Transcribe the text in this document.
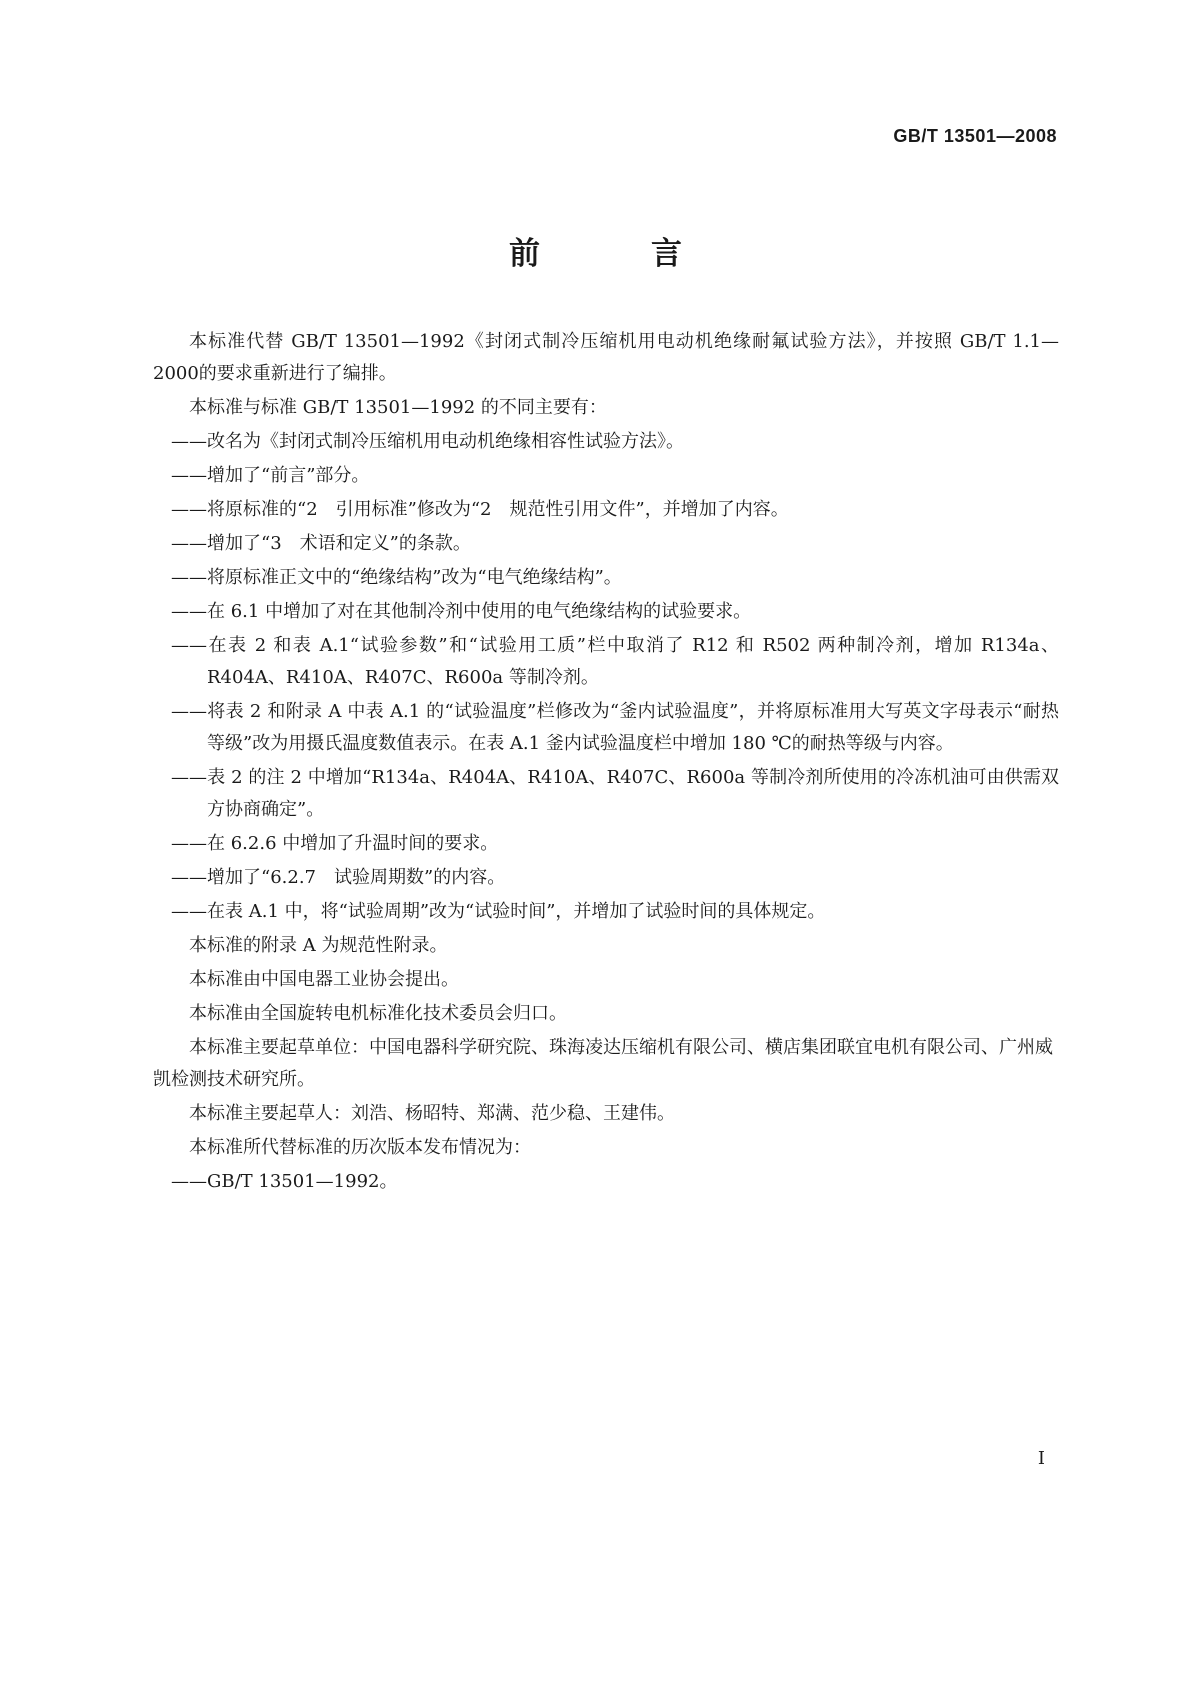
GB/T 13501—2008
前　言

本标准代替 GB/T 13501—1992《封闭式制冷压缩机用电动机绝缘耐氟试验方法》，并按照 GB/T 1.1—2000的要求重新进行了编排。

本标准与标准 GB/T 13501—1992 的不同主要有：

——改名为《封闭式制冷压缩机用电动机绝缘相容性试验方法》。

——增加了“前言”部分。

——将原标准的“2　引用标准”修改为“2　规范性引用文件”，并增加了内容。

——增加了“3　术语和定义”的条款。

——将原标准正文中的“绝缘结构”改为“电气绝缘结构”。

——在 6.1 中增加了对在其他制冷剂中使用的电气绝缘结构的试验要求。

——在表 2 和表 A.1“试验参数”和“试验用工质”栏中取消了 R12 和 R502 两种制冷剂，增加 R134a、R404A、R410A、R407C、R600a 等制冷剂。

——将表 2 和附录 A 中表 A.1 的“试验温度”栏修改为“釜内试验温度”，并将原标准用大写英文字母表示“耐热等级”改为用摄氏温度数值表示。在表 A.1 釜内试验温度栏中增加 180 ℃的耐热等级与内容。

——表 2 的注 2 中增加“R134a、R404A、R410A、R407C、R600a 等制冷剂所使用的冷冻机油可由供需双方协商确定”。

——在 6.2.6 中增加了升温时间的要求。

——增加了“6.2.7　试验周期数”的内容。

——在表 A.1 中，将“试验周期”改为“试验时间”，并增加了试验时间的具体规定。

本标准的附录 A 为规范性附录。

本标准由中国电器工业协会提出。

本标准由全国旋转电机标准化技术委员会归口。

本标准主要起草单位：中国电器科学研究院、珠海凌达压缩机有限公司、横店集团联宜电机有限公司、广州威凯检测技术研究所。

本标准主要起草人：刘浩、杨昭特、郑满、范少稳、王建伟。

本标准所代替标准的历次版本发布情况为：

——GB/T 13501—1992。

I
